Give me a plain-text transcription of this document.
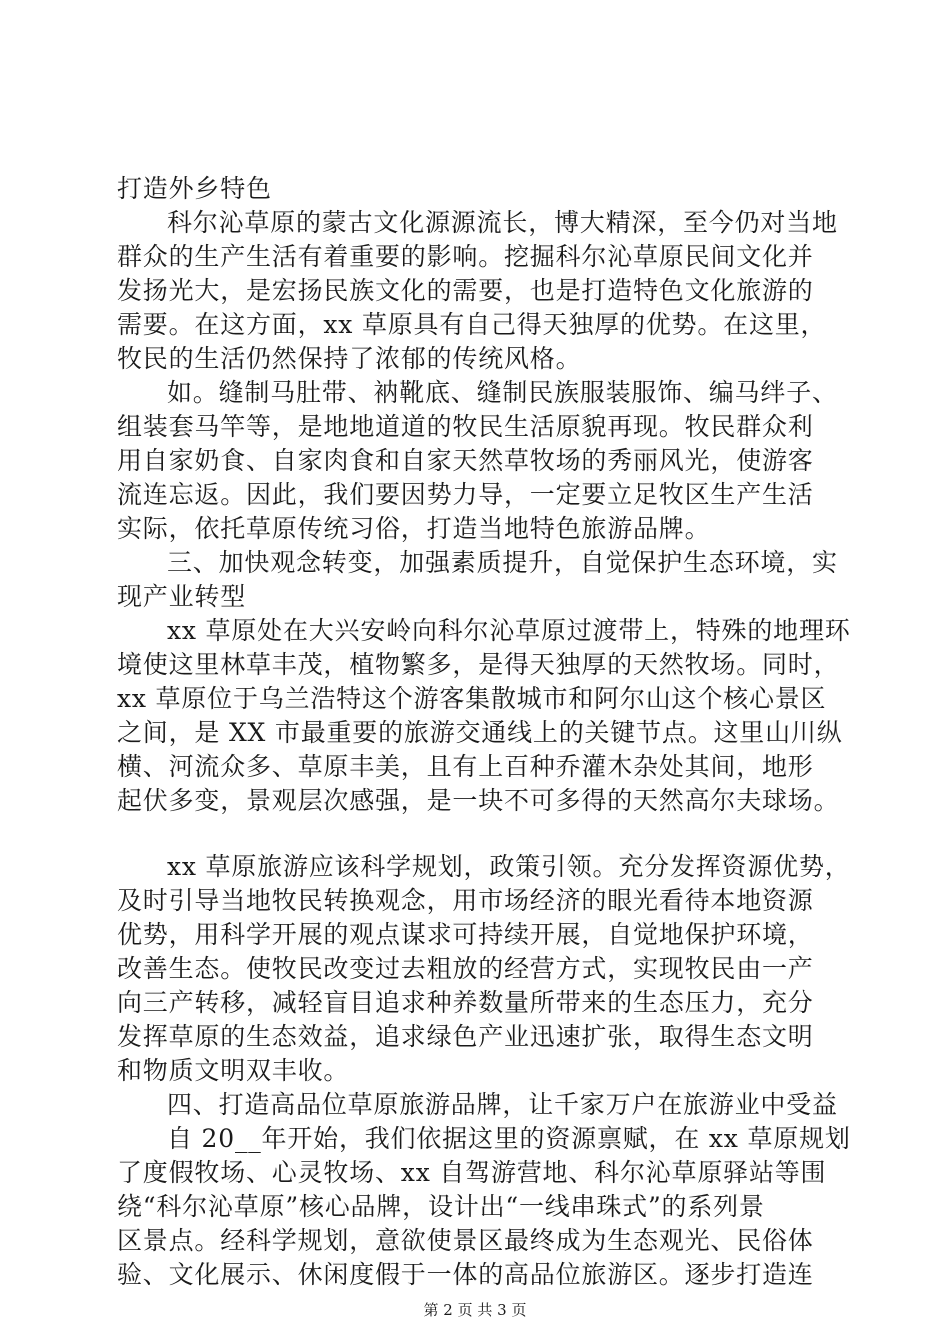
打造外乡特色

科尔沁草原的蒙古文化源源流长，博大精深，至今仍对当地

群众的生产生活有着重要的影响。挖掘科尔沁草原民间文化并

发扬光大，是宏扬民族文化的需要，也是打造特色文化旅游的

需要。在这方面，xx 草原具有自己得天独厚的优势。在这里，

牧民的生活仍然保持了浓郁的传统风格。

如。缝制马肚带、衲靴底、缝制民族服装服饰、编马绊子、

组装套马竿等，是地地道道的牧民生活原貌再现。牧民群众利

用自家奶食、自家肉食和自家天然草牧场的秀丽风光，使游客

流连忘返。因此，我们要因势力导，一定要立足牧区生产生活

实际，依托草原传统习俗，打造当地特色旅游品牌。

三、加快观念转变，加强素质提升，自觉保护生态环境，实

现产业转型

xx 草原处在大兴安岭向科尔沁草原过渡带上，特殊的地理环

境使这里林草丰茂，植物繁多，是得天独厚的天然牧场。同时，

xx 草原位于乌兰浩特这个游客集散城市和阿尔山这个核心景区

之间，是 XX 市最重要的旅游交通线上的关键节点。这里山川纵

横、河流众多、草原丰美，且有上百种乔灌木杂处其间，地形

起伏多变，景观层次感强，是一块不可多得的天然高尔夫球场。

xx 草原旅游应该科学规划，政策引领。充分发挥资源优势，

及时引导当地牧民转换观念，用市场经济的眼光看待本地资源

优势，用科学开展的观点谋求可持续开展，自觉地保护环境，

改善生态。使牧民改变过去粗放的经营方式，实现牧民由一产

向三产转移，减轻盲目追求种养数量所带来的生态压力，充分

发挥草原的生态效益，追求绿色产业迅速扩张，取得生态文明

和物质文明双丰收。

四、打造高品位草原旅游品牌，让千家万户在旅游业中受益

自 20__年开始，我们依据这里的资源禀赋，在 xx 草原规划

了度假牧场、心灵牧场、xx 自驾游营地、科尔沁草原驿站等围

绕“科尔沁草原”核心品牌，设计出“一线串珠式”的系列景

区景点。经科学规划，意欲使景区最终成为生态观光、民俗体

验、文化展示、休闲度假于一体的高品位旅游区。逐步打造连

第 2 页 共 3 页
